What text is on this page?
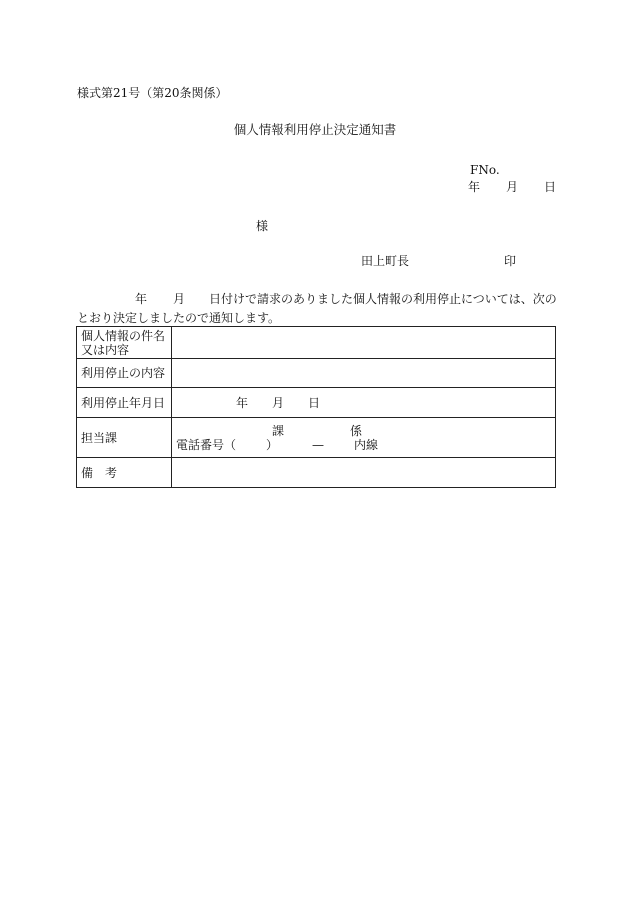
様式第21号（第20条関係）
個人情報利用停止決定通知書
FNo.
年 月 日
様
田上町長	印
年 月 日付けで請求のありました個人情報の利用停止については、次の
とおり決定しましたので通知します。
個人情報の件名
又は内容	

利用停止の内容	
利用停止年月日	年 月 日
担当課	課 係
電話番号（ ） — 内線

備　考	
